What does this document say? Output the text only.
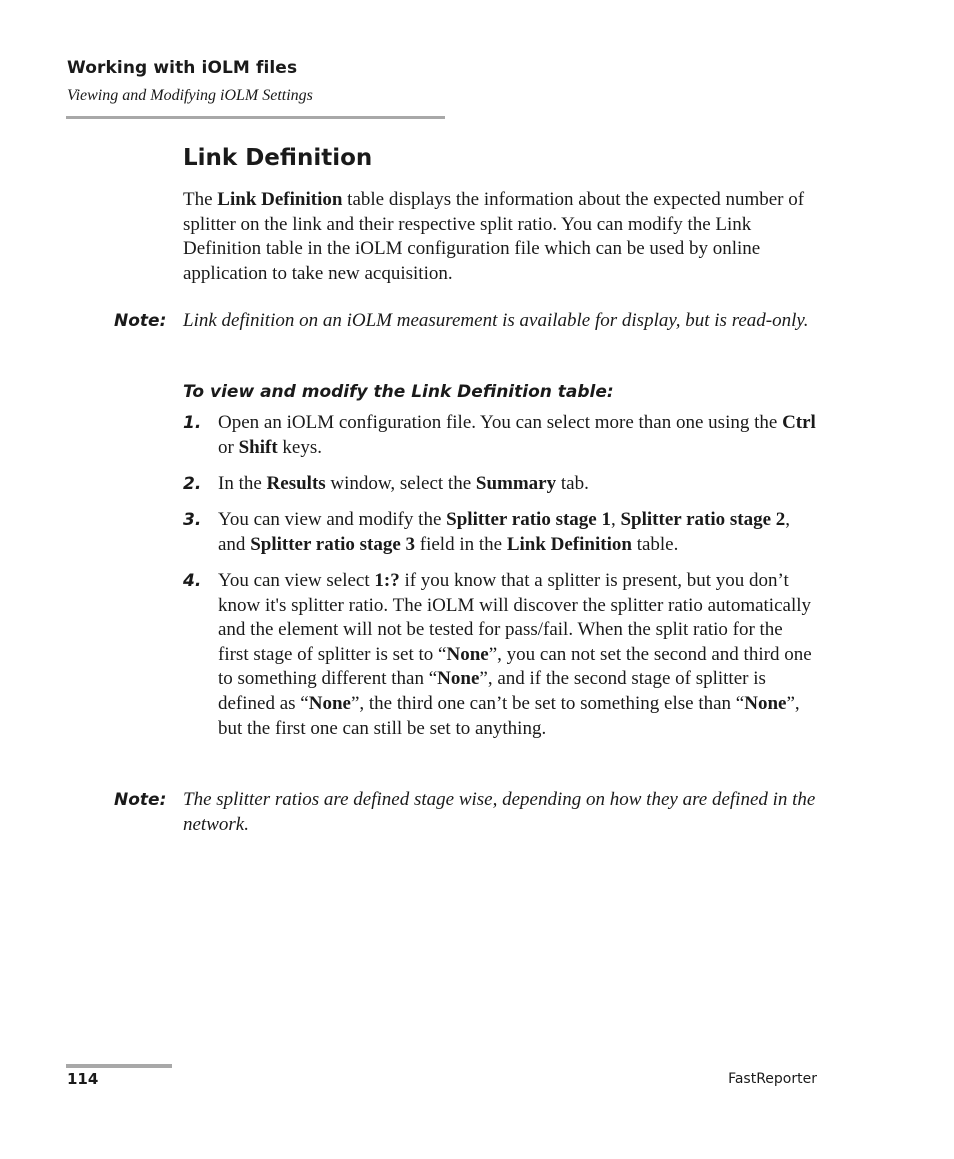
Working with iOLM files
Viewing and Modifying iOLM Settings
Link Definition
The Link Definition table displays the information about the expected number of splitter on the link and their respective split ratio. You can modify the Link Definition table in the iOLM configuration file which can be used by online application to take new acquisition.
Note: Link definition on an iOLM measurement is available for display, but is read-only.
To view and modify the Link Definition table:
1. Open an iOLM configuration file. You can select more than one using the Ctrl or Shift keys.
2. In the Results window, select the Summary tab.
3. You can view and modify the Splitter ratio stage 1, Splitter ratio stage 2, and Splitter ratio stage 3 field in the Link Definition table.
4. You can view select 1:? if you know that a splitter is present, but you don’t know it's splitter ratio. The iOLM will discover the splitter ratio automatically and the element will not be tested for pass/fail. When the split ratio for the first stage of splitter is set to “None”, you can not set the second and third one to something different than “None”, and if the second stage of splitter is defined as “None”, the third one can’t be set to something else than “None”, but the first one can still be set to anything.
Note: The splitter ratios are defined stage wise, depending on how they are defined in the network.
114	FastReporter
